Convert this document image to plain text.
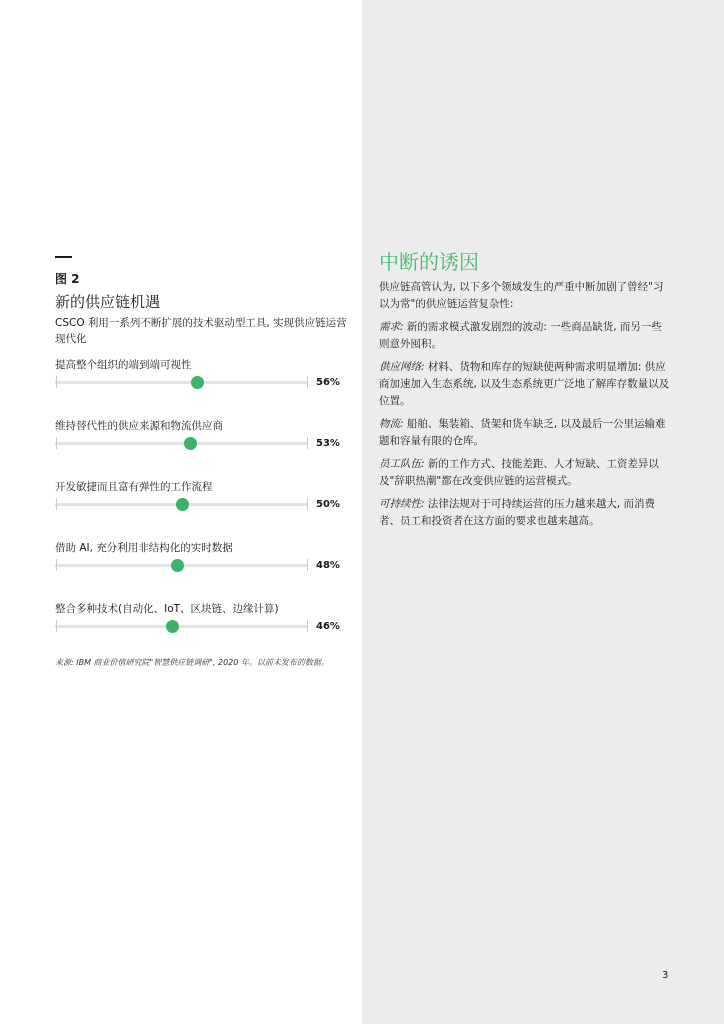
图 2
新的供应链机遇
CSCO 利用一系列不断扩展的技术驱动型工具, 实现供应链运营现代化
提高整个组织的端到端可视性
56%
维持替代性的供应来源和物流供应商
53%
开发敏捷而且富有弹性的工作流程
50%
借助 AI, 充分利用非结构化的实时数据
48%
整合多种技术(自动化、IoT、区块链、边缘计算)
46%
来源: IBM 商业价值研究院"智慧供应链调研", 2020 年。以前未发布的数据。
中断的诱因

供应链高管认为, 以下多个领域发生的严重中断加剧了曾经"习以为常"的供应链运营复杂性:

需求: 新的需求模式激发剧烈的波动: 一些商品缺货, 而另一些则意外囤积。

供应网络: 材料、货物和库存的短缺使两种需求明显增加: 供应商加速加入生态系统, 以及生态系统更广泛地了解库存数量以及位置。

物流: 船舶、集装箱、货架和货车缺乏, 以及最后一公里运输难题和容量有限的仓库。

员工队伍: 新的工作方式、技能差距、人才短缺、工资差异以及"辞职热潮"都在改变供应链的运营模式。

可持续性: 法律法规对于可持续运营的压力越来越大, 而消费者、员工和投资者在这方面的要求也越来越高。

3
